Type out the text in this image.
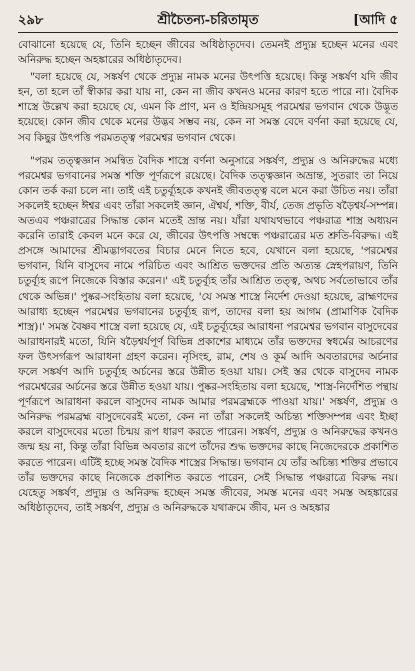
২৯৮	শ্রীচৈতন্য-চরিতামৃত	[আদি ৫

বোঝানো হয়েছে যে, তিনি হচ্ছেন জীবের অধিষ্ঠাতৃদেব। তেমনই প্রদ্যুম্ন হচ্ছেন মনের এবং অনিরুদ্ধ হচ্ছেন অহঙ্কারের অধিষ্ঠাতৃদেব।

"বলা হয়েছে যে, সঙ্কর্ষণ থেকে প্রদ্যুম্ন নামক মনের উৎপত্তি হয়েছে। কিন্তু সঙ্কর্ষণ যদি জীব হন, তা হলে তাঁ স্বীকার করা যায় না, কেন না জীব কখনও মনের কারণ হতে পারে না। বৈদিক শাস্ত্রে উল্লেখ করা হয়েছে যে, এমন কি প্রাণ, মন ও ইন্দ্রিয়সমূহ পরমেশ্বর ভগবান থেকে উদ্ভূত হয়েছে। কোন জীব থেকে মনের উদ্ভব সম্ভব নয়, কেন না সমস্ত বেদে বর্ণনা করা হয়েছে যে, সব কিছুর উৎপত্তি পরমতত্ত্ব পরমেশ্বর ভগবান থেকে।

"পরম তত্ত্বজ্ঞান সমন্বিত বৈদিক শাস্ত্রে বর্ণনা অনুসারে সঙ্কর্ষণ, প্রদ্যুম্ন ও অনিরুদ্ধের মধ্যে পরমেশ্বর ভগবানের সমস্ত শক্তি পূর্ণরূপে রয়েছে। বৈদিক তত্ত্বজ্ঞান অভ্রান্ত, সুতরাং তা নিয়ে কোন তর্ক করা চলে না। তাই এই চতুর্ব্যূহকে কখনই জীবতত্ত্ব বলে মনে করা উচিত নয়। তাঁরা সকলেই হচ্ছেন ঈশ্বর এবং তাঁরা সকলেই জ্ঞান, ঐশ্বর্য, শক্তি, বীর্য, তেজ প্রভৃতি ষড়ৈশ্বর্য-সম্পন্ন। অতএব পঞ্চরাত্রের সিদ্ধান্ত কোন মতেই ভ্রান্ত নয়। যাঁরা যথাযথভাবে পঞ্চরাত্র শাস্ত্র অধ্যয়ন করেনি তারাই কেবল মনে করে যে, জীবের উৎপত্তি সম্বন্ধে পঞ্চরাত্রের মত শ্রুতি-বিরুদ্ধ। এই প্রসঙ্গে আমাদের শ্রীমদ্ভাগবতের বিচার মেনে নিতে হবে, যেখানে বলা হয়েছে, 'পরমেশ্বর ভগবান, যিনি বাসুদেব নামে পরিচিত এবং আশ্রিত ভক্তদের প্রতি অত্যন্ত স্নেহপরায়ণ, তিনি চতুর্ব্যূহ রূপে নিজেকে বিস্তার করেন।' এই চতুর্ব্যূহ তাঁর আশ্রিত তত্ত্ব, অথচ সর্বতোভাবে তাঁর থেকে অভিন্ন।' পুষ্কর-সংহিতায় বলা হয়েছে, 'যে সমস্ত শাস্ত্রে নির্দেশ দেওয়া হয়েছে, ব্রাহ্মণদের আরাধ্য হচ্ছেন পরমেশ্বর ভগবানের চতুর্ব্যূহ রূপ, তাদের বলা হয় আগম (প্রামাণিক বৈদিক শাস্ত্র)।' সমস্ত বৈষ্ণব শাস্ত্রে বলা হয়েছে যে, এই চতুর্ব্যূহের আরাধনা পরমেশ্বর ভগবান বাসুদেবের আরাধনারই মতো, যিনি ষড়ৈশ্বর্যপূর্ণ বিভিন্ন প্রকাশের মাধ্যমে তাঁর ভক্তদের স্বধর্মের আচরণের ফল উৎসর্গরূপ আরাধনা গ্রহণ করেন। নৃসিংহ, রাম, শেষ ও কূর্ম আদি অবতারদের অর্চনার ফলে সঙ্কর্ষণ আদি চতুর্ব্যূহ অর্চনের স্তরে উন্নীত হওয়া যায়। সেই স্তর থেকে বাসুদেব নামক পরমেশ্বরের অর্চনের স্তরে উন্নীত হওয়া যায়। পুষ্কর-সংহিতায় বলা হয়েছে, 'শাস্ত্র-নির্দেশিত পন্থায় পূর্ণরূপে আরাধনা করলে বাসুদেব নামক আমার পরমব্রহ্মকে পাওয়া যায়।' সঙ্কর্ষণ, প্রদ্যুম্ন ও অনিরুদ্ধ পরমব্রহ্ম বাসুদেবেরই মতো, কেন না তাঁরা সকলেই অচিন্ত্য শক্তিসম্পন্ন এবং ইচ্ছা করলে বাসুদেবের মতো চিন্ময় রূপ ধারণ করতে পারেন। সঙ্কর্ষণ, প্রদ্যুম্ন ও অনিরুদ্ধের কখনও জন্ম হয় না, কিন্তু তাঁরা বিভিন্ন অবতার রূপে তাঁদের শুদ্ধ ভক্তদের কাছে নিজেদেরকে প্রকাশিত করতে পারেন। এটিই হচ্ছে সমস্ত বৈদিক শাস্ত্রের সিদ্ধান্ত। ভগবান যে তাঁর অচিন্ত্য শক্তির প্রভাবে তাঁর ভক্তদের কাছে নিজেকে প্রকাশিত করতে পারেন, সেই সিদ্ধান্ত পঞ্চরাত্রে বিরুদ্ধ নয়। যেহেতু সঙ্কর্ষণ, প্রদ্যুম্ন ও অনিরুদ্ধ হচ্ছেন সমস্ত জীবের, সমস্ত মনের এবং সমস্ত অহঙ্কারের অধিষ্ঠাতৃদেব, তাই সঙ্কর্ষণ, প্রদ্যুম্ন ও অনিরুদ্ধকে যথাক্রমে জীব, মন ও অহঙ্কার
